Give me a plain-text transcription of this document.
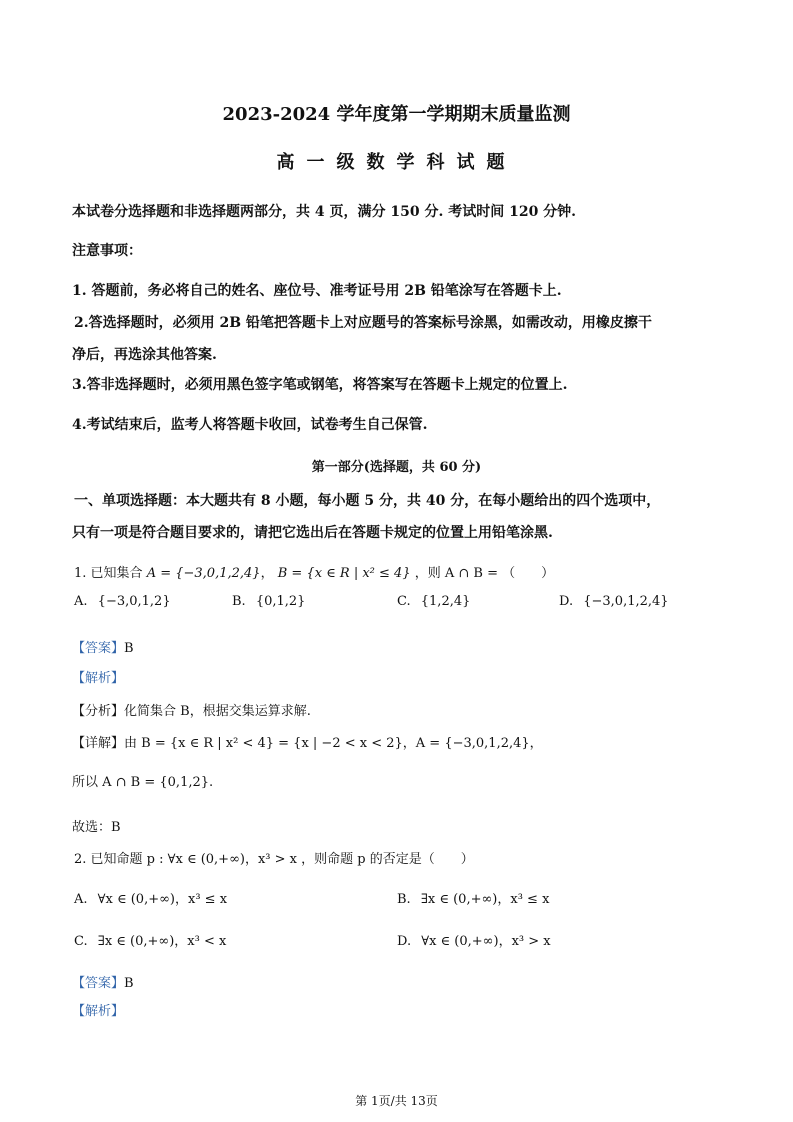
2023-2024 学年度第一学期期末质量监测
高一级数学科试题
本试卷分选择题和非选择题两部分，共 4 页，满分 150 分. 考试时间 120 分钟.
注意事项：
1. 答题前，务必将自己的姓名、座位号、准考证号用 2B 铅笔涂写在答题卡上.
2.答选择题时，必须用 2B 铅笔把答题卡上对应题号的答案标号涂黑，如需改动，用橡皮擦干
净后，再选涂其他答案.
3.答非选择题时，必须用黑色签字笔或钢笔，将答案写在答题卡上规定的位置上.
4.考试结束后，监考人将答题卡收回，试卷考生自己保管.
第一部分(选择题，共 60 分)
一、单项选择题：本大题共有 8 小题，每小题 5 分，共 40 分，在每小题给出的四个选项中，
只有一项是符合题目要求的，请把它选出后在答题卡规定的位置上用铅笔涂黑.
1. 已知集合 A = {−3,0,1,2,4}， B = {x ∈ R | x² ≤ 4} ，则 A ∩ B = （　　）
A. {−3,0,1,2}	B. {0,1,2}	C. {1,2,4}	D. {−3,0,1,2,4}
【答案】B
【解析】
【分析】化简集合 B，根据交集运算求解.
【详解】由 B = {x ∈ R | x² < 4} = {x | −2 < x < 2}，A = {−3,0,1,2,4}，
所以 A ∩ B = {0,1,2}.
故选：B
2. 已知命题 p : ∀x ∈ (0,+∞)，x³ > x ，则命题 p 的否定是（　　）
A. ∀x ∈ (0,+∞)，x³ ≤ x	B. ∃x ∈ (0,+∞)，x³ ≤ x
C. ∃x ∈ (0,+∞)，x³ < x	D. ∀x ∈ (0,+∞)，x³ > x
【答案】B
【解析】
第 1页/共 13页
